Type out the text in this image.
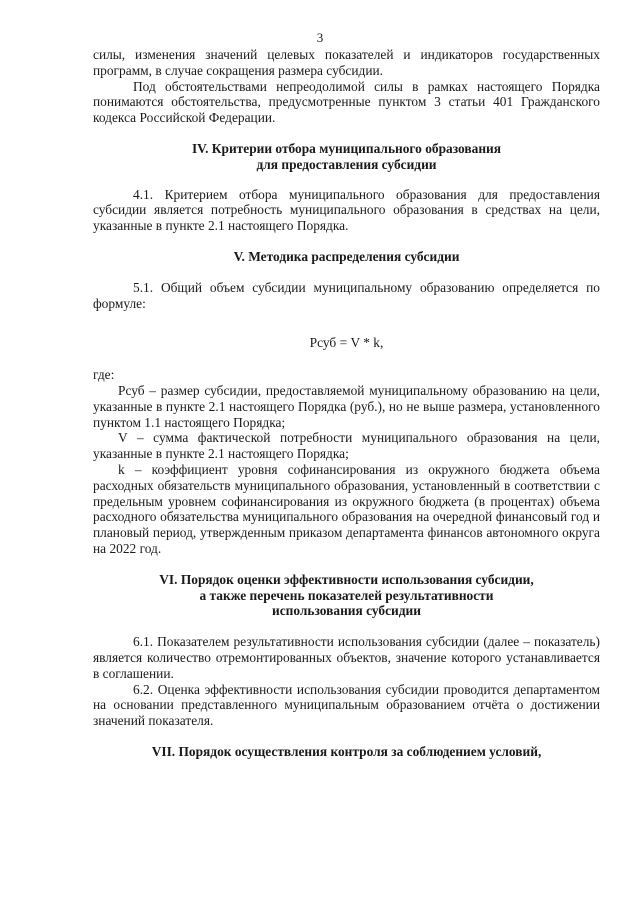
3

силы, изменения значений целевых показателей и индикаторов государственных программ, в случае сокращения размера субсидии.

Под обстоятельствами непреодолимой силы в рамках настоящего Порядка понимаются обстоятельства, предусмотренные пунктом 3 статьи 401 Гражданского кодекса Российской Федерации.

IV. Критерии отбора муниципального образования
для предоставления субсидии

4.1. Критерием отбора муниципального образования для предоставления субсидии является потребность муниципального образования в средствах на цели, указанные в пункте 2.1 настоящего Порядка.

V. Методика распределения субсидии

5.1. Общий объем субсидии муниципальному образованию определяется по формуле:

Рсуб = V * k,

где:

Рсуб – размер субсидии, предоставляемой муниципальному образованию на цели, указанные в пункте 2.1 настоящего Порядка (руб.), но не выше размера, установленного пунктом 1.1 настоящего Порядка;

V – сумма фактической потребности муниципального образования на цели, указанные в пункте 2.1 настоящего Порядка;

k – коэффициент уровня софинансирования из окружного бюджета объема расходных обязательств муниципального образования, установленный в соответствии с предельным уровнем софинансирования из окружного бюджета (в процентах) объема расходного обязательства муниципального образования на очередной финансовый год и плановый период, утвержденным приказом департамента финансов автономного округа на 2022 год.

VI. Порядок оценки эффективности использования субсидии,
а также перечень показателей результативности
использования субсидии

6.1. Показателем результативности использования субсидии (далее – показатель) является количество отремонтированных объектов, значение которого устанавливается в соглашении.

6.2. Оценка эффективности использования субсидии проводится департаментом на основании представленного муниципальным образованием отчёта о достижении значений показателя.

VII. Порядок осуществления контроля за соблюдением условий,
